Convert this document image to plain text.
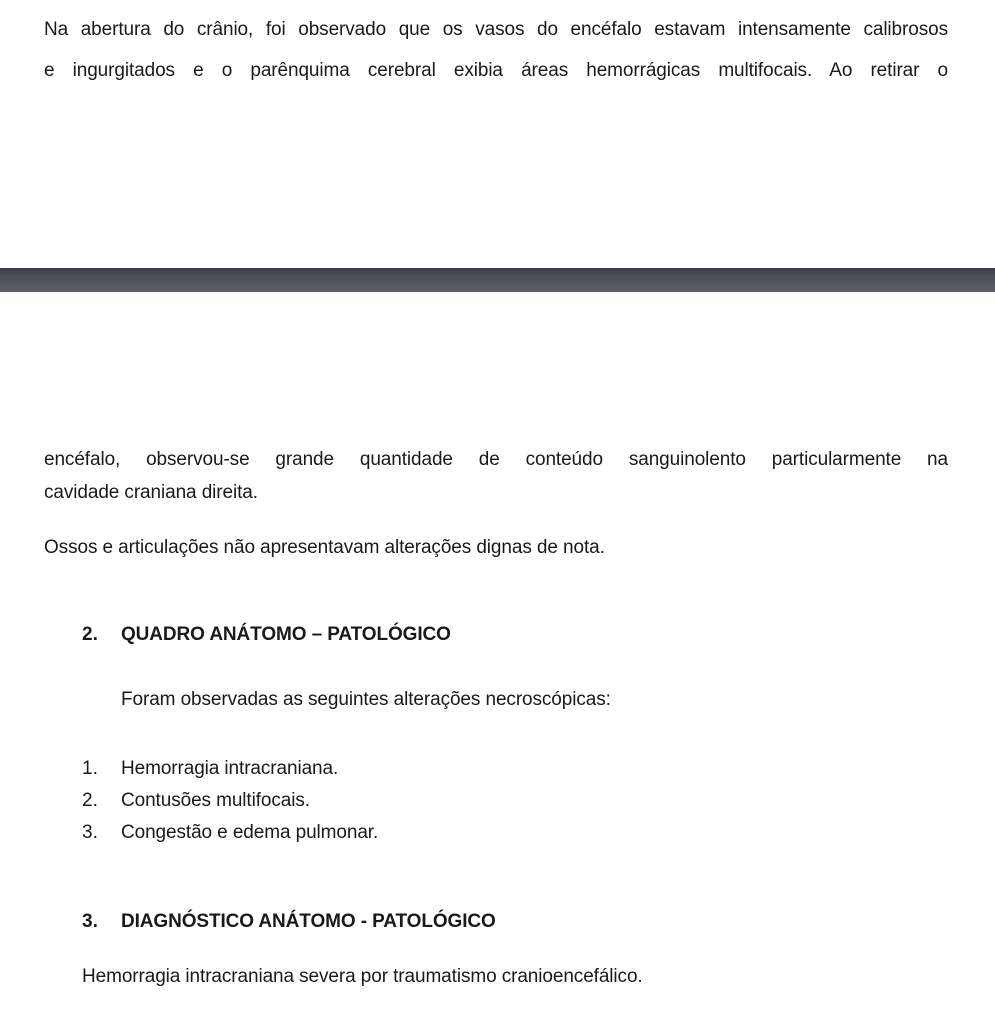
Na abertura do crânio, foi observado que os vasos do encéfalo estavam intensamente calibrosos
e ingurgitados e o parênquima cerebral exibia áreas hemorrágicas multifocais. Ao retirar o
encéfalo, observou-se grande quantidade de conteúdo sanguinolento particularmente na
cavidade craniana direita.
Ossos e articulações não apresentavam alterações dignas de nota.
2. QUADRO ANÁTOMO – PATOLÓGICO
Foram observadas as seguintes alterações necroscópicas:
1. Hemorragia intracraniana.
2. Contusões multifocais.
3. Congestão e edema pulmonar.
3. DIAGNÓSTICO ANÁTOMO - PATOLÓGICO
Hemorragia intracraniana severa por traumatismo cranioencefálico.
